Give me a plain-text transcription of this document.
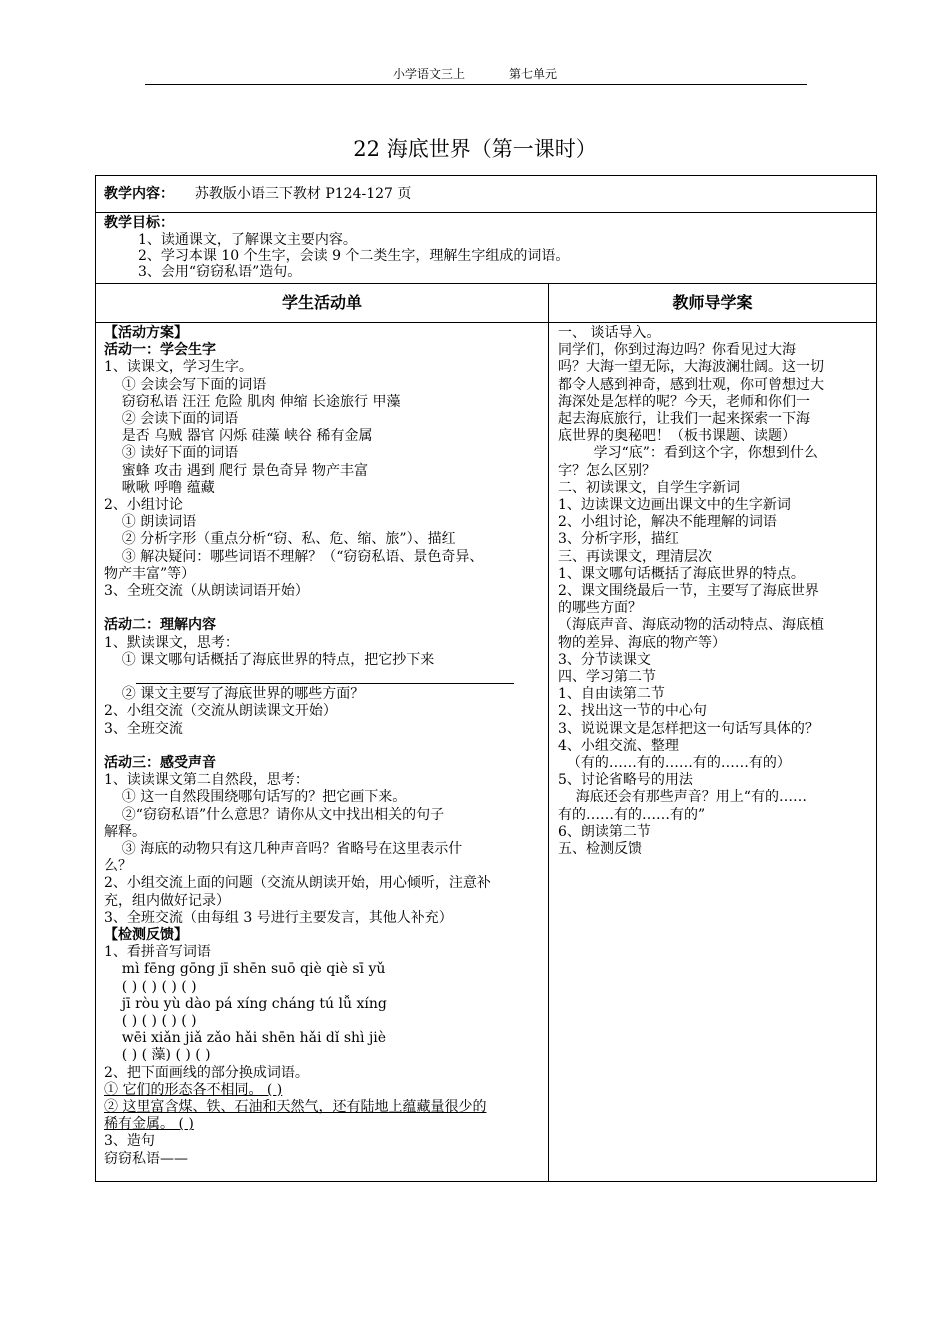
小学语文三上	第七单元
22 海底世界（第一课时）
教学内容： 苏教版小语三下教材 P124-127 页
教学目标：
1、读通课文，了解课文主要内容。
2、学习本课 10 个生字，会读 9 个二类生字，理解生字组成的词语。
3、会用“窃窃私语”造句。
学生活动单	教师导学案
【活动方案】
活动一：学会生字
1、读课文，学习生字。
① 会读会写下面的词语
窃窃私语 汪汪 危险 肌肉 伸缩 长途旅行 甲藻
② 会读下面的词语
是否 乌贼 器官 闪烁 硅藻 峡谷 稀有金属
③ 读好下面的词语
蜜蜂 攻击 遇到 爬行 景色奇异 物产丰富
啾啾 呼噜 蕴藏
2、小组讨论
① 朗读词语
② 分析字形（重点分析“窃、私、危、缩、旅”）、描红
③ 解决疑问：哪些词语不理解？（“窃窃私语、景色奇异、
物产丰富”等）
3、全班交流（从朗读词语开始）
活动二：理解内容
1、默读课文，思考：
① 课文哪句话概括了海底世界的特点，把它抄下来
② 课文主要写了海底世界的哪些方面？
2、小组交流（交流从朗读课文开始）
3、全班交流
活动三：感受声音
1、读读课文第二自然段，思考：
① 这一自然段围绕哪句话写的？把它画下来。
②“窃窃私语”什么意思？请你从文中找出相关的句子
解释。
③ 海底的动物只有这几种声音吗？省略号在这里表示什
么？
2、小组交流上面的问题（交流从朗读开始，用心倾听，注意补
充，组内做好记录）
3、全班交流（由每组 3 号进行主要发言，其他人补充）
【检测反馈】
1、看拼音写词语
mì fēng gōng jī shēn suō qiè qiè sī yǔ
( ) ( ) ( ) ( )
jī ròu yù dào pá xíng cháng tú lǚ xíng
( ) ( ) ( ) ( )
wēi xiǎn jiǎ zǎo hǎi shēn hǎi dǐ shì jiè
( ) ( 藻) ( ) ( )
2、把下面画线的部分换成词语。
① 它们的形态各不相同。 ( )
② 这里富含煤、铁、石油和天然气，还有陆地上蕴藏量很少的
稀有金属。 ( )
3、造句
窃窃私语——
一、 谈话导入。
同学们，你到过海边吗？你看见过大海
吗？大海一望无际，大海波澜壮阔。这一切
都令人感到神奇，感到壮观，你可曾想过大
海深处是怎样的呢？今天，老师和你们一
起去海底旅行，让我们一起来探索一下海
底世界的奥秘吧！（板书课题、读题）
学习“底”：看到这个字，你想到什么
字？怎么区别？
二、初读课文，自学生字新词
1、边读课文边画出课文中的生字新词
2、小组讨论，解决不能理解的词语
3、分析字形，描红
三、再读课文，理清层次
1、课文哪句话概括了海底世界的特点。
2、课文围绕最后一节，主要写了海底世界
的哪些方面？
（海底声音、海底动物的活动特点、海底植
物的差异、海底的物产等）
3、分节读课文
四、学习第二节
1、自由读第二节
2、找出这一节的中心句
3、说说课文是怎样把这一句话写具体的？
4、小组交流、整理
（有的……有的……有的……有的）
5、讨论省略号的用法
海底还会有那些声音？用上“有的……
有的……有的……有的”
6、朗读第二节
五、检测反馈
